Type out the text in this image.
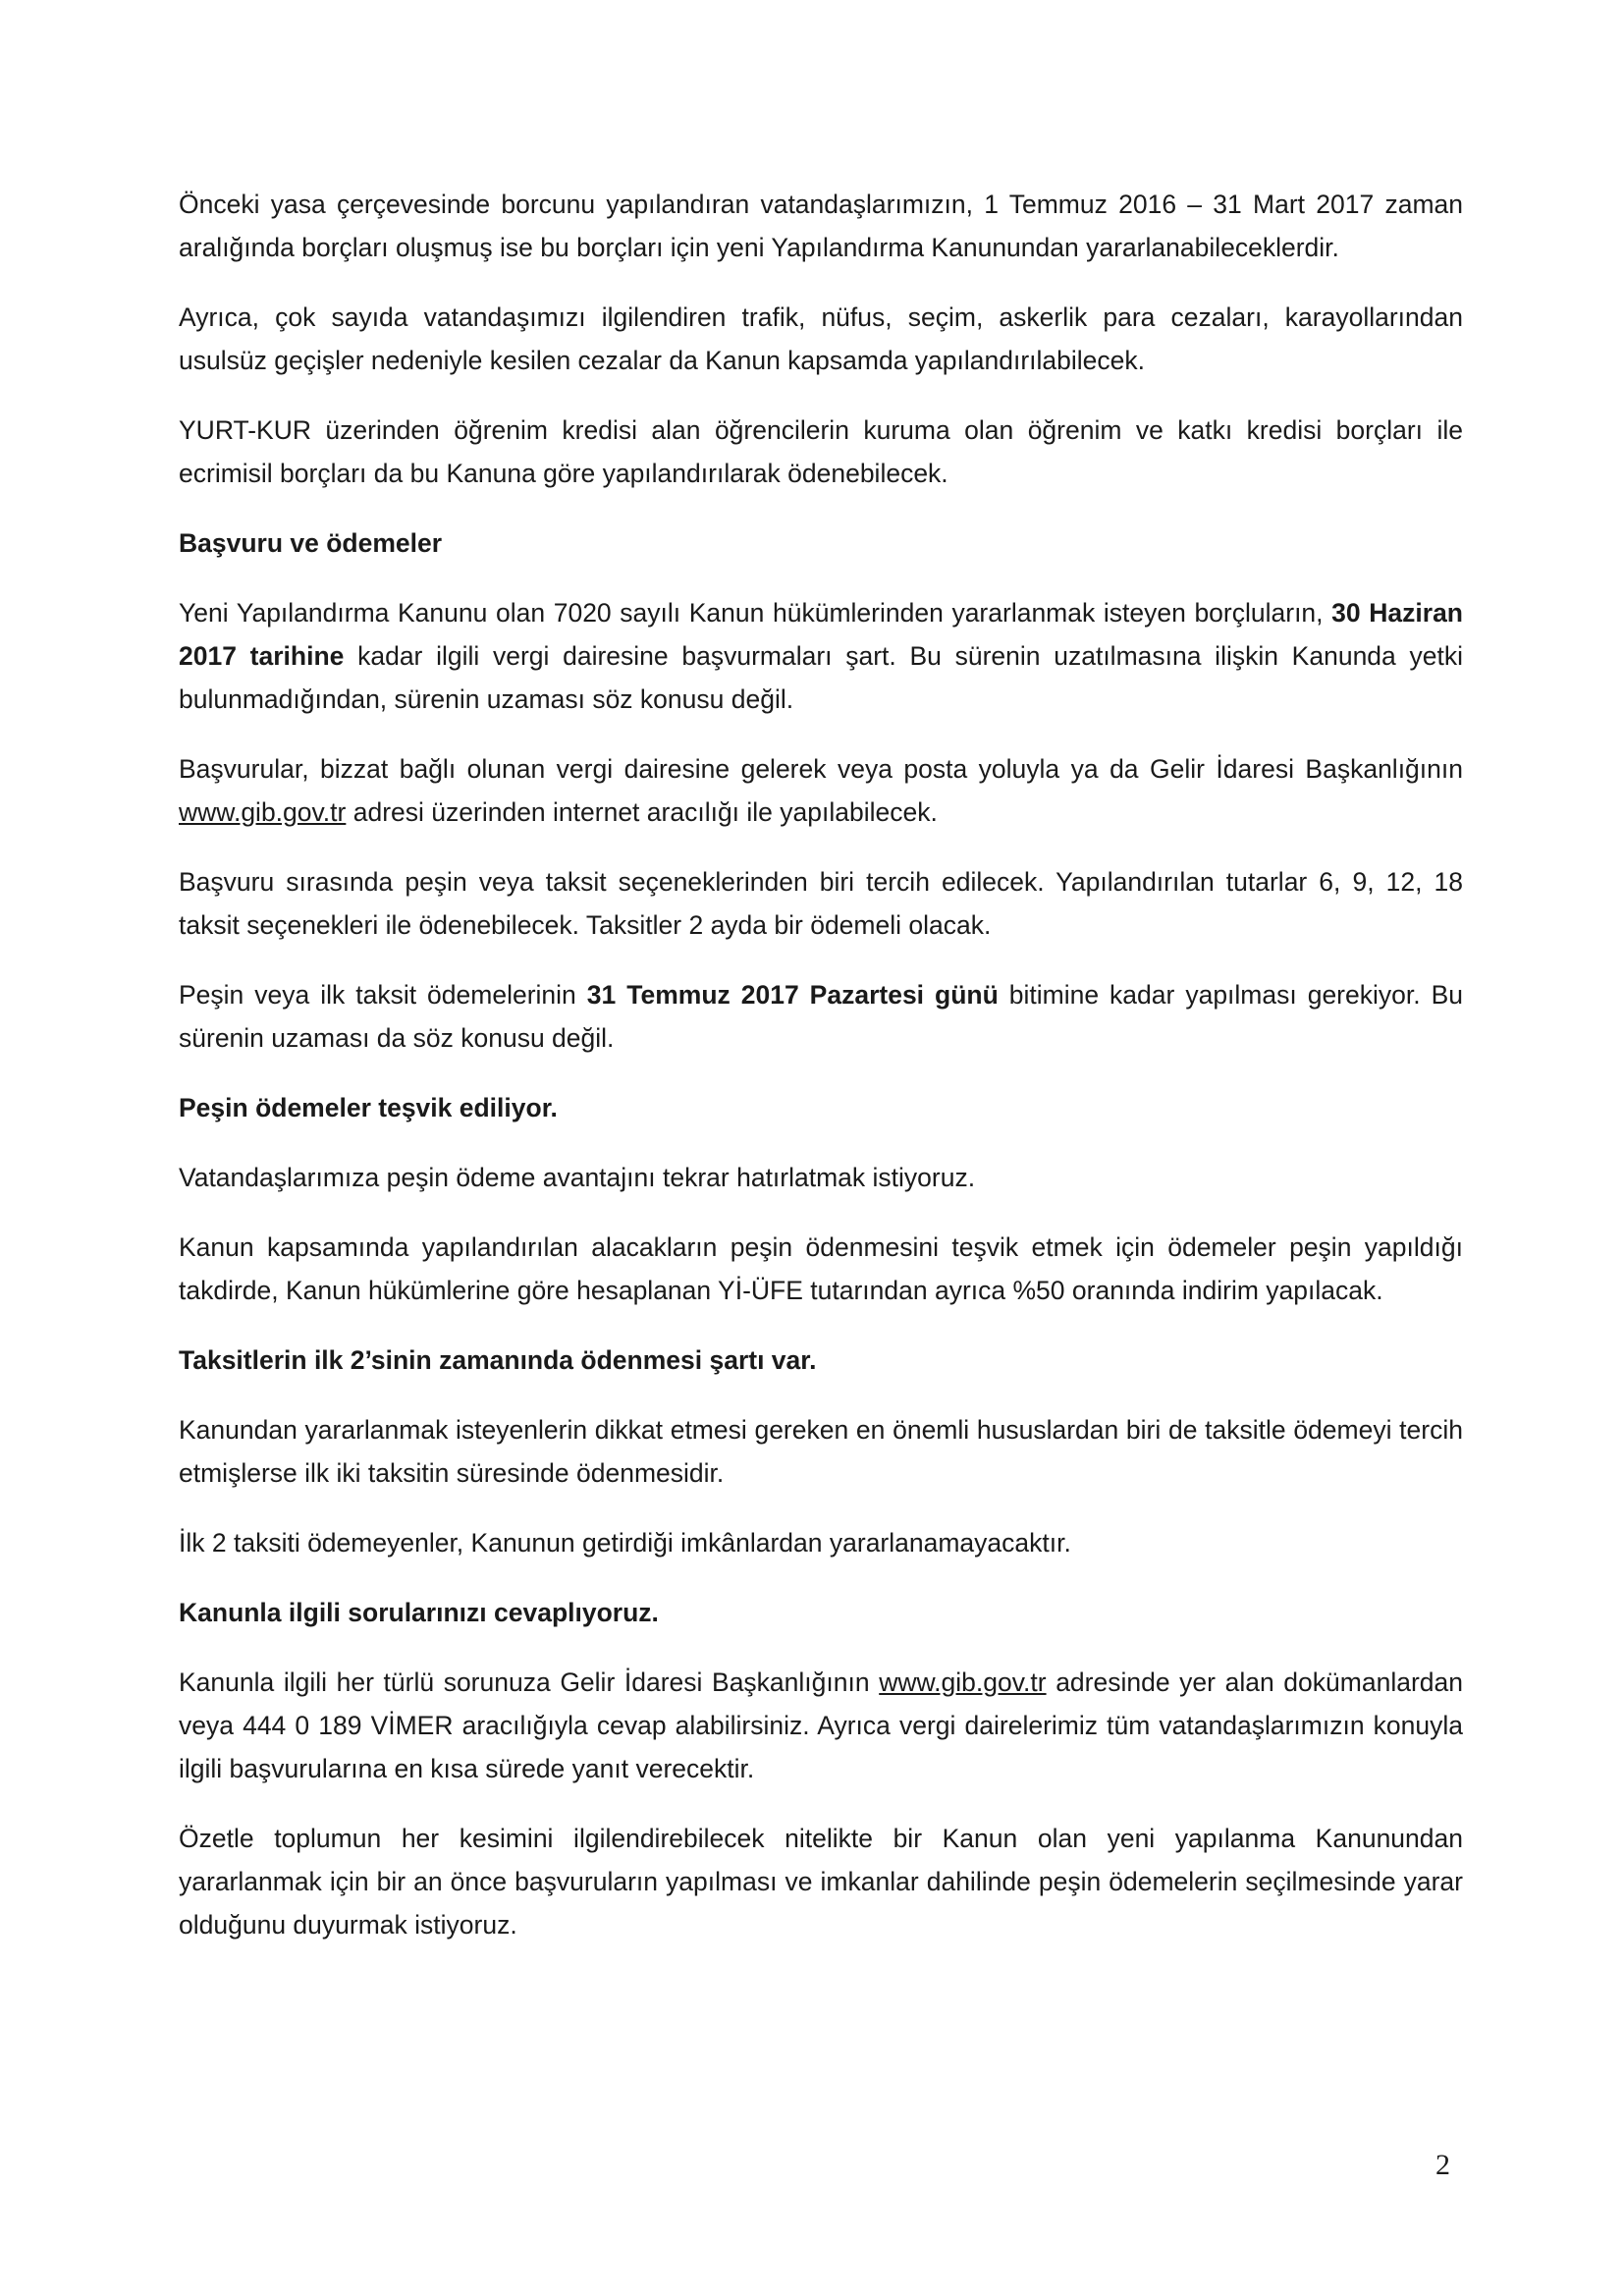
Önceki yasa çerçevesinde borcunu yapılandıran vatandaşlarımızın, 1 Temmuz 2016 – 31 Mart 2017 zaman aralığında borçları oluşmuş ise bu borçları için yeni Yapılandırma Kanunundan yararlanabileceklerdir.

Ayrıca, çok sayıda vatandaşımızı ilgilendiren trafik, nüfus, seçim, askerlik para cezaları, karayollarından usulsüz geçişler nedeniyle kesilen cezalar da Kanun kapsamda yapılandırılabilecek.

YURT-KUR üzerinden öğrenim kredisi alan öğrencilerin kuruma olan öğrenim ve katkı kredisi borçları ile ecrimisil borçları da bu Kanuna göre yapılandırılarak ödenebilecek.

Başvuru ve ödemeler

Yeni Yapılandırma Kanunu olan 7020 sayılı Kanun hükümlerinden yararlanmak isteyen borçluların, 30 Haziran 2017 tarihine kadar ilgili vergi dairesine başvurmaları şart. Bu sürenin uzatılmasına ilişkin Kanunda yetki bulunmadığından, sürenin uzaması söz konusu değil.

Başvurular, bizzat bağlı olunan vergi dairesine gelerek veya posta yoluyla ya da Gelir İdaresi Başkanlığının www.gib.gov.tr adresi üzerinden internet aracılığı ile yapılabilecek.

Başvuru sırasında peşin veya taksit seçeneklerinden biri tercih edilecek. Yapılandırılan tutarlar 6, 9, 12, 18 taksit seçenekleri ile ödenebilecek. Taksitler 2 ayda bir ödemeli olacak.

Peşin veya ilk taksit ödemelerinin 31 Temmuz 2017 Pazartesi günü bitimine kadar yapılması gerekiyor. Bu sürenin uzaması da söz konusu değil.

Peşin ödemeler teşvik ediliyor.

Vatandaşlarımıza peşin ödeme avantajını tekrar hatırlatmak istiyoruz.

Kanun kapsamında yapılandırılan alacakların peşin ödenmesini teşvik etmek için ödemeler peşin yapıldığı takdirde, Kanun hükümlerine göre hesaplanan Yİ-ÜFE tutarından ayrıca %50 oranında indirim yapılacak.

Taksitlerin ilk 2’sinin zamanında ödenmesi şartı var.

Kanundan yararlanmak isteyenlerin dikkat etmesi gereken en önemli hususlardan biri de taksitle ödemeyi tercih etmişlerse ilk iki taksitin süresinde ödenmesidir.

İlk 2 taksiti ödemeyenler, Kanunun getirdiği imkânlardan yararlanamayacaktır.

Kanunla ilgili sorularınızı cevaplıyoruz.

Kanunla ilgili her türlü sorunuza Gelir İdaresi Başkanlığının www.gib.gov.tr adresinde yer alan dokümanlardan veya 444 0 189 VİMER aracılığıyla cevap alabilirsiniz. Ayrıca vergi dairelerimiz tüm vatandaşlarımızın konuyla ilgili başvurularına en kısa sürede yanıt verecektir.

Özetle toplumun her kesimini ilgilendirebilecek nitelikte bir Kanun olan yeni yapılanma Kanunundan yararlanmak için bir an önce başvuruların yapılması ve imkanlar dahilinde peşin ödemelerin seçilmesinde yarar olduğunu duyurmak istiyoruz.

2
